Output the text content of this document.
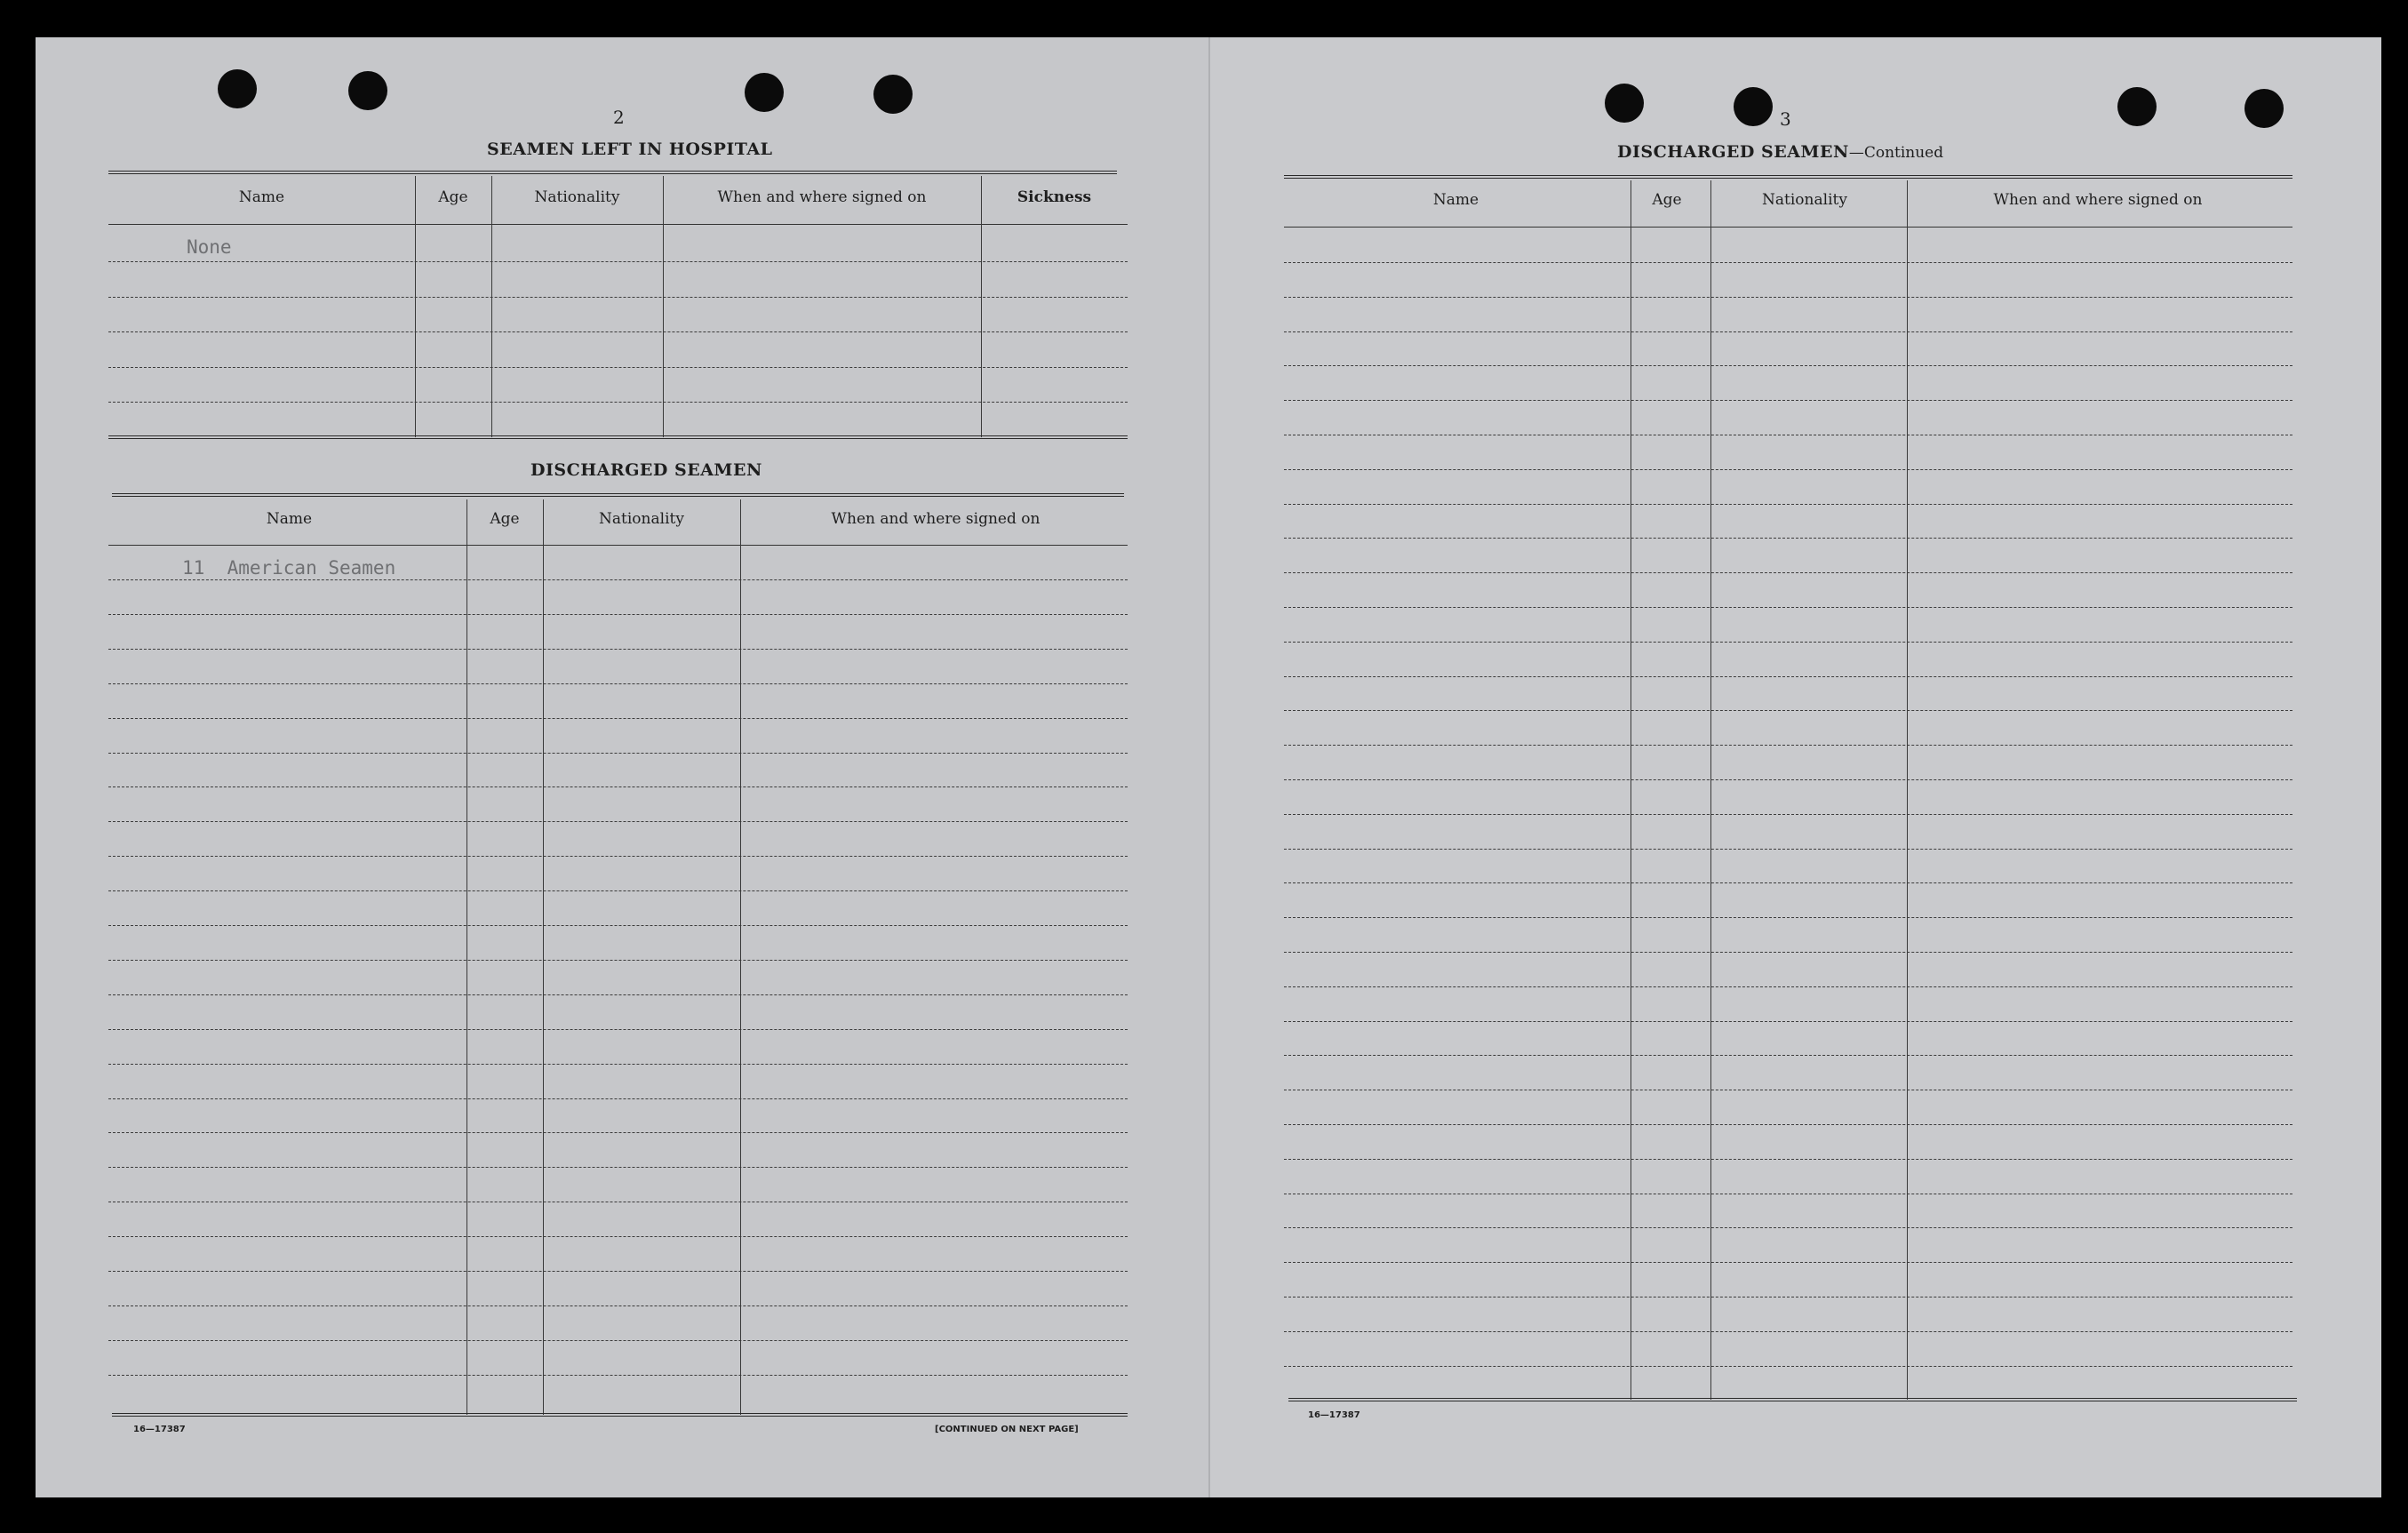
2
SEAMEN LEFT IN HOSPITAL
Name	Age	Nationality	When and where signed on	Sickness
None
DISCHARGED SEAMEN
Name	Age	Nationality	When and where signed on
11  American Seamen
16—17387	[CONTINUED ON NEXT PAGE]
3
DISCHARGED SEAMEN—Continued
Name	Age	Nationality	When and where signed on
16—17387
